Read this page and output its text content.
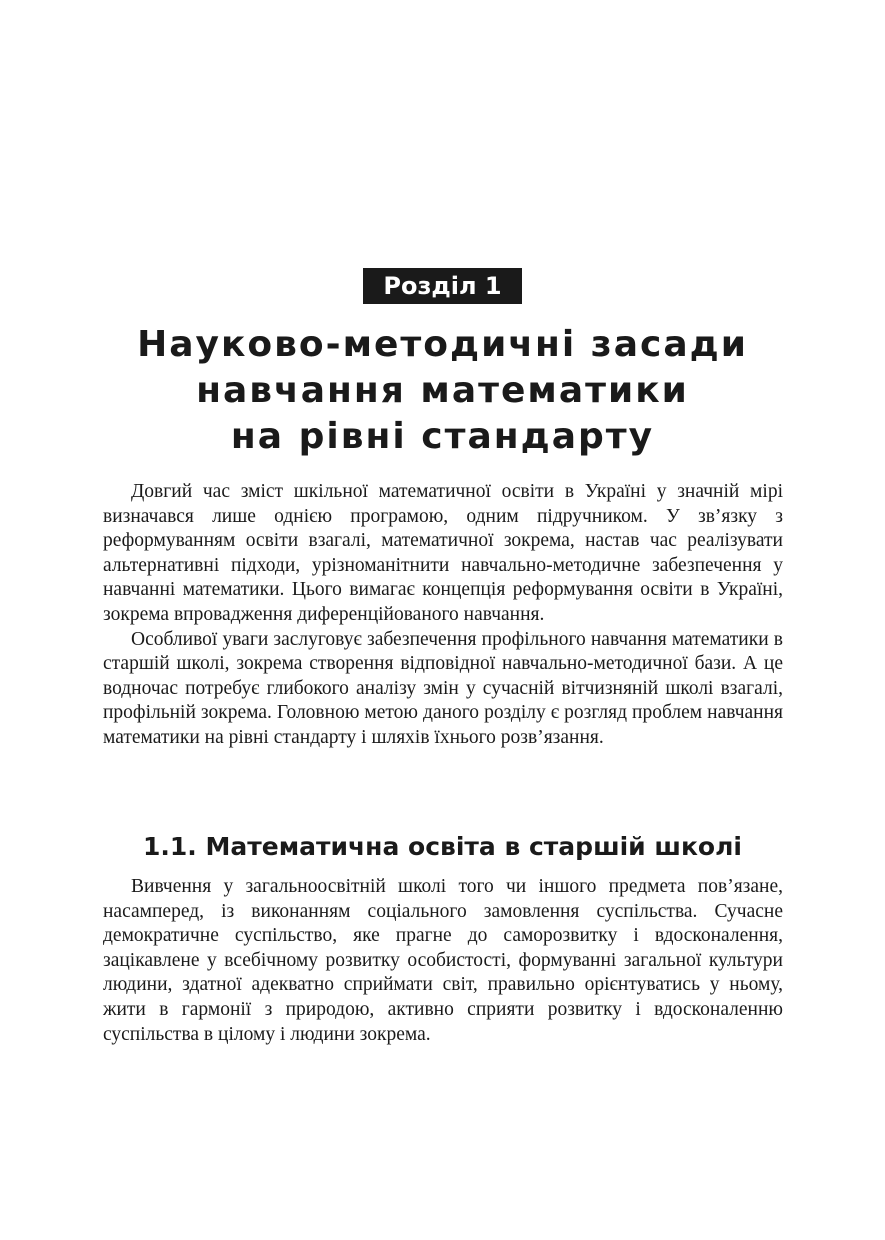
Розділ 1
Науково-методичні засади
навчання математики
на рівні стандарту

Довгий час зміст шкільної математичної освіти в Україні у значній мірі визначався лише однією програмою, одним підручником. У зв’язку з реформуванням освіти взагалі, математичної зокрема, настав час реалізувати альтернативні підходи, урізноманітнити навчально-методичне забезпечення у навчанні математики. Цього вимагає концепція реформування освіти в Україні, зокрема впровадження диференційованого навчання.

Особливої уваги заслуговує забезпечення профільного навчання математики в старшій школі, зокрема створення відповідної навчально-методичної бази. А це водночас потребує глибокого аналізу змін у сучасній вітчизняній школі взагалі, профільній зокрема. Головною метою даного розділу є розгляд проблем навчання математики на рівні стандарту і шляхів їхнього розв’язання.

1.1. Математична освіта в старшій школі

Вивчення у загальноосвітній школі того чи іншого предмета пов’язане, насамперед, із виконанням соціального замовлення суспільства. Сучасне демократичне суспільство, яке прагне до саморозвитку і вдосконалення, зацікавлене у всебічному розвитку особистості, формуванні загальної культури людини, здатної адекватно сприймати світ, правильно орієнтуватись у ньому, жити в гармонії з природою, активно сприяти розвитку і вдосконаленню суспільства в цілому і людини зокрема.
